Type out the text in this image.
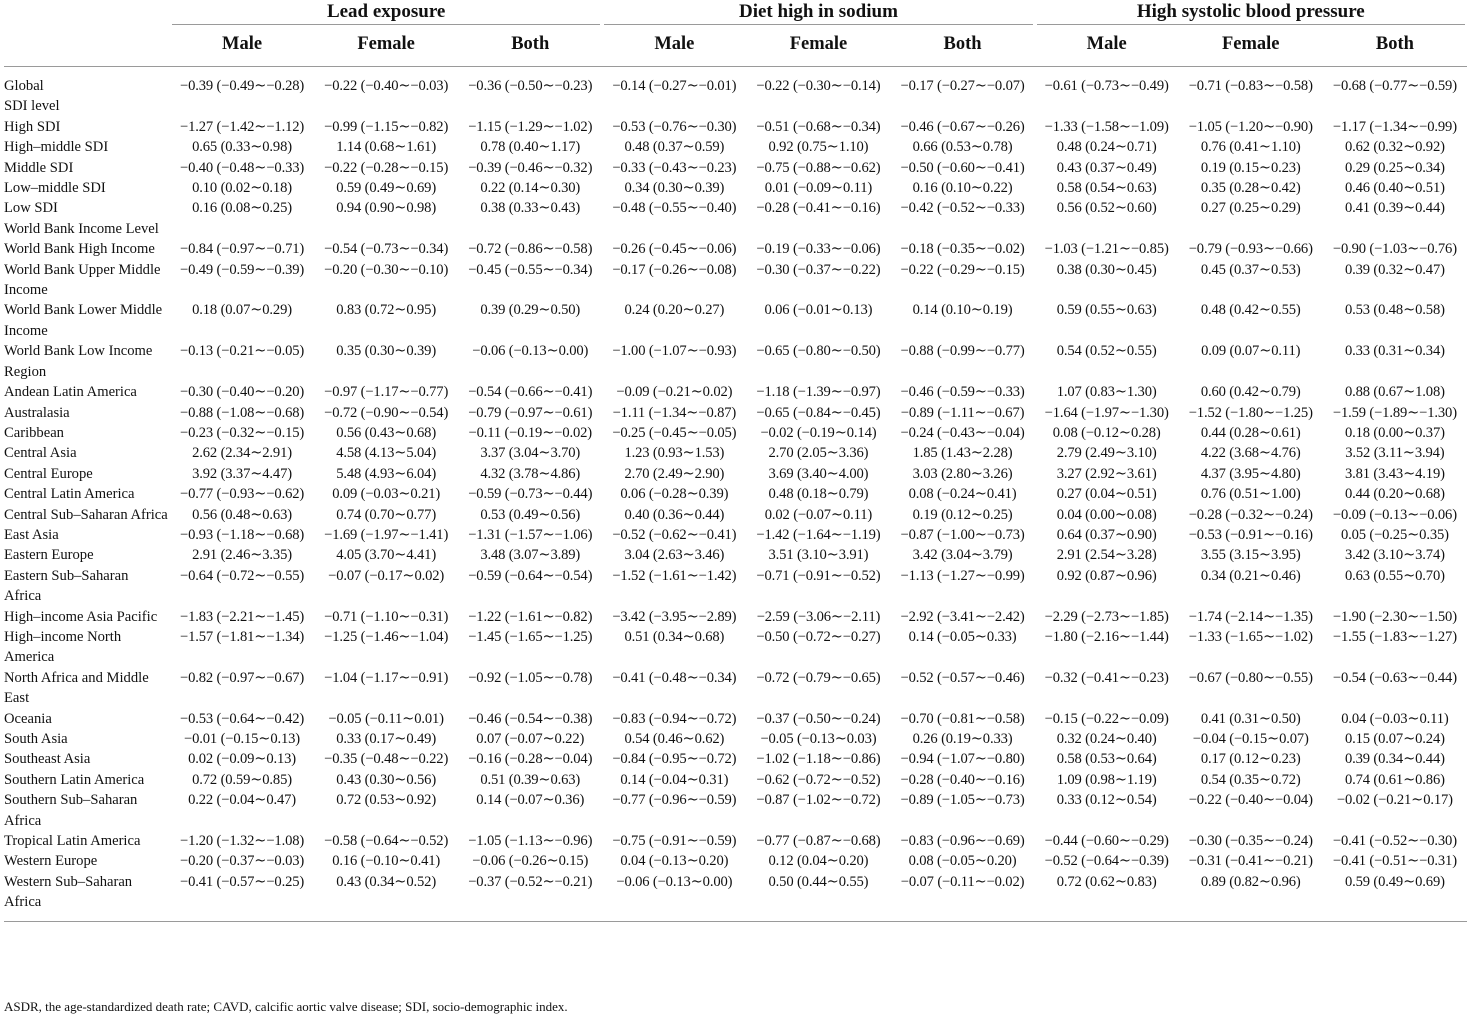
	Lead exposure			Diet high in sodium			High systolic blood pressure		

	Male	Female	Both	Male	Female	Both	Male	Female	Both

Global	−0.39 (−0.49∼−0.28)	−0.22 (−0.40∼−0.03)	−0.36 (−0.50∼−0.23)	−0.14 (−0.27∼−0.01)	−0.22 (−0.30∼−0.14)	−0.17 (−0.27∼−0.07)	−0.61 (−0.73∼−0.49)	−0.71 (−0.83∼−0.58)	−0.68 (−0.77∼−0.59)
SDI level									
High SDI	−1.27 (−1.42∼−1.12)	−0.99 (−1.15∼−0.82)	−1.15 (−1.29∼−1.02)	−0.53 (−0.76∼−0.30)	−0.51 (−0.68∼−0.34)	−0.46 (−0.67∼−0.26)	−1.33 (−1.58∼−1.09)	−1.05 (−1.20∼−0.90)	−1.17 (−1.34∼−0.99)
High–middle SDI	0.65 (0.33∼0.98)	1.14 (0.68∼1.61)	0.78 (0.40∼1.17)	0.48 (0.37∼0.59)	0.92 (0.75∼1.10)	0.66 (0.53∼0.78)	0.48 (0.24∼0.71)	0.76 (0.41∼1.10)	0.62 (0.32∼0.92)
Middle SDI	−0.40 (−0.48∼−0.33)	−0.22 (−0.28∼−0.15)	−0.39 (−0.46∼−0.32)	−0.33 (−0.43∼−0.23)	−0.75 (−0.88∼−0.62)	−0.50 (−0.60∼−0.41)	0.43 (0.37∼0.49)	0.19 (0.15∼0.23)	0.29 (0.25∼0.34)
Low–middle SDI	0.10 (0.02∼0.18)	0.59 (0.49∼0.69)	0.22 (0.14∼0.30)	0.34 (0.30∼0.39)	0.01 (−0.09∼0.11)	0.16 (0.10∼0.22)	0.58 (0.54∼0.63)	0.35 (0.28∼0.42)	0.46 (0.40∼0.51)
Low SDI	0.16 (0.08∼0.25)	0.94 (0.90∼0.98)	0.38 (0.33∼0.43)	−0.48 (−0.55∼−0.40)	−0.28 (−0.41∼−0.16)	−0.42 (−0.52∼−0.33)	0.56 (0.52∼0.60)	0.27 (0.25∼0.29)	0.41 (0.39∼0.44)
World Bank Income Level									
World Bank High Income	−0.84 (−0.97∼−0.71)	−0.54 (−0.73∼−0.34)	−0.72 (−0.86∼−0.58)	−0.26 (−0.45∼−0.06)	−0.19 (−0.33∼−0.06)	−0.18 (−0.35∼−0.02)	−1.03 (−1.21∼−0.85)	−0.79 (−0.93∼−0.66)	−0.90 (−1.03∼−0.76)
World Bank Upper Middle Income	−0.49 (−0.59∼−0.39)	−0.20 (−0.30∼−0.10)	−0.45 (−0.55∼−0.34)	−0.17 (−0.26∼−0.08)	−0.30 (−0.37∼−0.22)	−0.22 (−0.29∼−0.15)	0.38 (0.30∼0.45)	0.45 (0.37∼0.53)	0.39 (0.32∼0.47)
World Bank Lower Middle Income	0.18 (0.07∼0.29)	0.83 (0.72∼0.95)	0.39 (0.29∼0.50)	0.24 (0.20∼0.27)	0.06 (−0.01∼0.13)	0.14 (0.10∼0.19)	0.59 (0.55∼0.63)	0.48 (0.42∼0.55)	0.53 (0.48∼0.58)
World Bank Low Income	−0.13 (−0.21∼−0.05)	0.35 (0.30∼0.39)	−0.06 (−0.13∼0.00)	−1.00 (−1.07∼−0.93)	−0.65 (−0.80∼−0.50)	−0.88 (−0.99∼−0.77)	0.54 (0.52∼0.55)	0.09 (0.07∼0.11)	0.33 (0.31∼0.34)
Region									
Andean Latin America	−0.30 (−0.40∼−0.20)	−0.97 (−1.17∼−0.77)	−0.54 (−0.66∼−0.41)	−0.09 (−0.21∼0.02)	−1.18 (−1.39∼−0.97)	−0.46 (−0.59∼−0.33)	1.07 (0.83∼1.30)	0.60 (0.42∼0.79)	0.88 (0.67∼1.08)
Australasia	−0.88 (−1.08∼−0.68)	−0.72 (−0.90∼−0.54)	−0.79 (−0.97∼−0.61)	−1.11 (−1.34∼−0.87)	−0.65 (−0.84∼−0.45)	−0.89 (−1.11∼−0.67)	−1.64 (−1.97∼−1.30)	−1.52 (−1.80∼−1.25)	−1.59 (−1.89∼−1.30)
Caribbean	−0.23 (−0.32∼−0.15)	0.56 (0.43∼0.68)	−0.11 (−0.19∼−0.02)	−0.25 (−0.45∼−0.05)	−0.02 (−0.19∼0.14)	−0.24 (−0.43∼−0.04)	0.08 (−0.12∼0.28)	0.44 (0.28∼0.61)	0.18 (0.00∼0.37)
Central Asia	2.62 (2.34∼2.91)	4.58 (4.13∼5.04)	3.37 (3.04∼3.70)	1.23 (0.93∼1.53)	2.70 (2.05∼3.36)	1.85 (1.43∼2.28)	2.79 (2.49∼3.10)	4.22 (3.68∼4.76)	3.52 (3.11∼3.94)
Central Europe	3.92 (3.37∼4.47)	5.48 (4.93∼6.04)	4.32 (3.78∼4.86)	2.70 (2.49∼2.90)	3.69 (3.40∼4.00)	3.03 (2.80∼3.26)	3.27 (2.92∼3.61)	4.37 (3.95∼4.80)	3.81 (3.43∼4.19)
Central Latin America	−0.77 (−0.93∼−0.62)	0.09 (−0.03∼0.21)	−0.59 (−0.73∼−0.44)	0.06 (−0.28∼0.39)	0.48 (0.18∼0.79)	0.08 (−0.24∼0.41)	0.27 (0.04∼0.51)	0.76 (0.51∼1.00)	0.44 (0.20∼0.68)
Central Sub–Saharan Africa	0.56 (0.48∼0.63)	0.74 (0.70∼0.77)	0.53 (0.49∼0.56)	0.40 (0.36∼0.44)	0.02 (−0.07∼0.11)	0.19 (0.12∼0.25)	0.04 (0.00∼0.08)	−0.28 (−0.32∼−0.24)	−0.09 (−0.13∼−0.06)
East Asia	−0.93 (−1.18∼−0.68)	−1.69 (−1.97∼−1.41)	−1.31 (−1.57∼−1.06)	−0.52 (−0.62∼−0.41)	−1.42 (−1.64∼−1.19)	−0.87 (−1.00∼−0.73)	0.64 (0.37∼0.90)	−0.53 (−0.91∼−0.16)	0.05 (−0.25∼0.35)
Eastern Europe	2.91 (2.46∼3.35)	4.05 (3.70∼4.41)	3.48 (3.07∼3.89)	3.04 (2.63∼3.46)	3.51 (3.10∼3.91)	3.42 (3.04∼3.79)	2.91 (2.54∼3.28)	3.55 (3.15∼3.95)	3.42 (3.10∼3.74)
Eastern Sub–Saharan Africa	−0.64 (−0.72∼−0.55)	−0.07 (−0.17∼0.02)	−0.59 (−0.64∼−0.54)	−1.52 (−1.61∼−1.42)	−0.71 (−0.91∼−0.52)	−1.13 (−1.27∼−0.99)	0.92 (0.87∼0.96)	0.34 (0.21∼0.46)	0.63 (0.55∼0.70)
High–income Asia Pacific	−1.83 (−2.21∼−1.45)	−0.71 (−1.10∼−0.31)	−1.22 (−1.61∼−0.82)	−3.42 (−3.95∼−2.89)	−2.59 (−3.06∼−2.11)	−2.92 (−3.41∼−2.42)	−2.29 (−2.73∼−1.85)	−1.74 (−2.14∼−1.35)	−1.90 (−2.30∼−1.50)
High–income North America	−1.57 (−1.81∼−1.34)	−1.25 (−1.46∼−1.04)	−1.45 (−1.65∼−1.25)	0.51 (0.34∼0.68)	−0.50 (−0.72∼−0.27)	0.14 (−0.05∼0.33)	−1.80 (−2.16∼−1.44)	−1.33 (−1.65∼−1.02)	−1.55 (−1.83∼−1.27)
North Africa and Middle East	−0.82 (−0.97∼−0.67)	−1.04 (−1.17∼−0.91)	−0.92 (−1.05∼−0.78)	−0.41 (−0.48∼−0.34)	−0.72 (−0.79∼−0.65)	−0.52 (−0.57∼−0.46)	−0.32 (−0.41∼−0.23)	−0.67 (−0.80∼−0.55)	−0.54 (−0.63∼−0.44)
Oceania	−0.53 (−0.64∼−0.42)	−0.05 (−0.11∼0.01)	−0.46 (−0.54∼−0.38)	−0.83 (−0.94∼−0.72)	−0.37 (−0.50∼−0.24)	−0.70 (−0.81∼−0.58)	−0.15 (−0.22∼−0.09)	0.41 (0.31∼0.50)	0.04 (−0.03∼0.11)
South Asia	−0.01 (−0.15∼0.13)	0.33 (0.17∼0.49)	0.07 (−0.07∼0.22)	0.54 (0.46∼0.62)	−0.05 (−0.13∼0.03)	0.26 (0.19∼0.33)	0.32 (0.24∼0.40)	−0.04 (−0.15∼0.07)	0.15 (0.07∼0.24)
Southeast Asia	0.02 (−0.09∼0.13)	−0.35 (−0.48∼−0.22)	−0.16 (−0.28∼−0.04)	−0.84 (−0.95∼−0.72)	−1.02 (−1.18∼−0.86)	−0.94 (−1.07∼−0.80)	0.58 (0.53∼0.64)	0.17 (0.12∼0.23)	0.39 (0.34∼0.44)
Southern Latin America	0.72 (0.59∼0.85)	0.43 (0.30∼0.56)	0.51 (0.39∼0.63)	0.14 (−0.04∼0.31)	−0.62 (−0.72∼−0.52)	−0.28 (−0.40∼−0.16)	1.09 (0.98∼1.19)	0.54 (0.35∼0.72)	0.74 (0.61∼0.86)
Southern Sub–Saharan Africa	0.22 (−0.04∼0.47)	0.72 (0.53∼0.92)	0.14 (−0.07∼0.36)	−0.77 (−0.96∼−0.59)	−0.87 (−1.02∼−0.72)	−0.89 (−1.05∼−0.73)	0.33 (0.12∼0.54)	−0.22 (−0.40∼−0.04)	−0.02 (−0.21∼0.17)
Tropical Latin America	−1.20 (−1.32∼−1.08)	−0.58 (−0.64∼−0.52)	−1.05 (−1.13∼−0.96)	−0.75 (−0.91∼−0.59)	−0.77 (−0.87∼−0.68)	−0.83 (−0.96∼−0.69)	−0.44 (−0.60∼−0.29)	−0.30 (−0.35∼−0.24)	−0.41 (−0.52∼−0.30)
Western Europe	−0.20 (−0.37∼−0.03)	0.16 (−0.10∼0.41)	−0.06 (−0.26∼0.15)	0.04 (−0.13∼0.20)	0.12 (0.04∼0.20)	0.08 (−0.05∼0.20)	−0.52 (−0.64∼−0.39)	−0.31 (−0.41∼−0.21)	−0.41 (−0.51∼−0.31)
Western Sub–Saharan Africa	−0.41 (−0.57∼−0.25)	0.43 (0.34∼0.52)	−0.37 (−0.52∼−0.21)	−0.06 (−0.13∼0.00)	0.50 (0.44∼0.55)	−0.07 (−0.11∼−0.02)	0.72 (0.62∼0.83)	0.89 (0.82∼0.96)	0.59 (0.49∼0.69)

ASDR, the age-standardized death rate; CAVD, calcific aortic valve disease; SDI, socio-demographic index.
